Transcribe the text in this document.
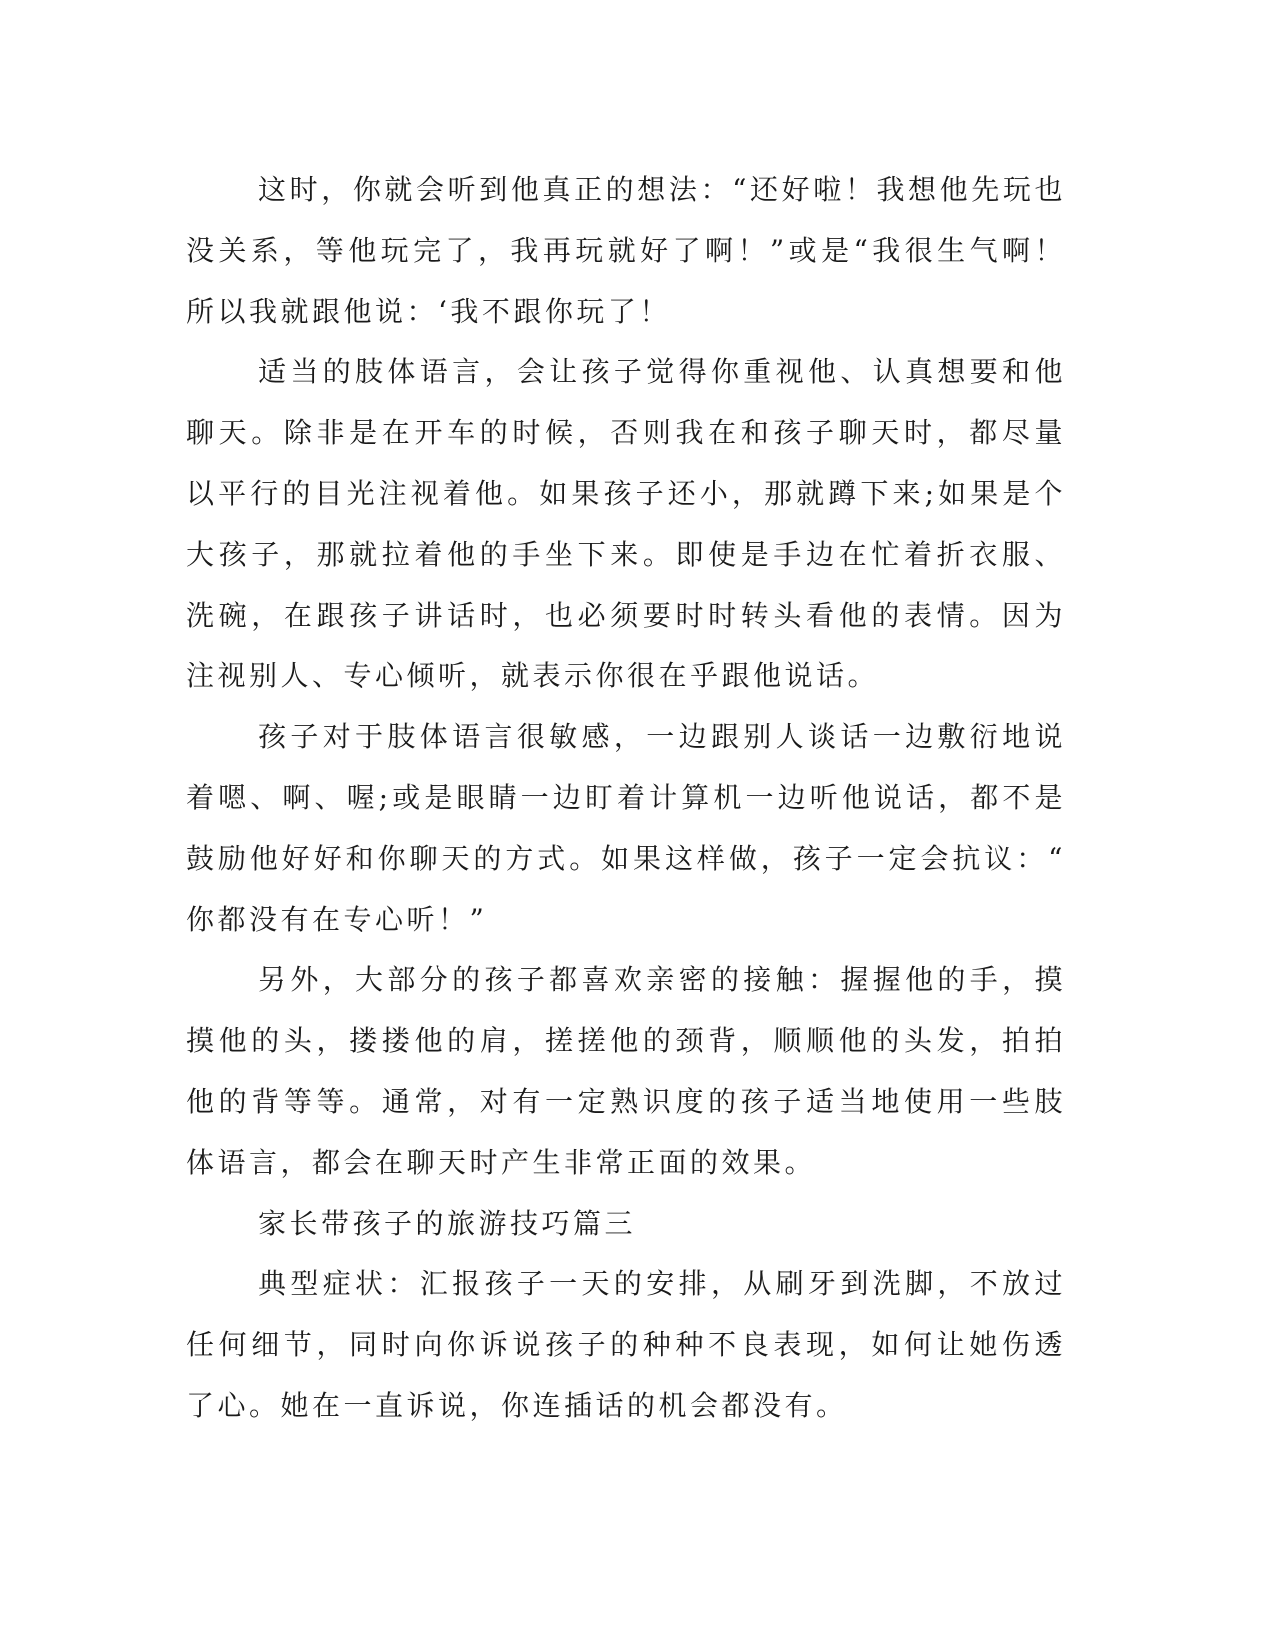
这时，你就会听到他真正的想法：“还好啦！我想他先玩也没关系，等他玩完了，我再玩就好了啊！”或是“我很生气啊！所以我就跟他说：‘我不跟你玩了！

适当的肢体语言，会让孩子觉得你重视他、认真想要和他聊天。除非是在开车的时候，否则我在和孩子聊天时，都尽量以平行的目光注视着他。如果孩子还小，那就蹲下来;如果是个大孩子，那就拉着他的手坐下来。即使是手边在忙着折衣服、洗碗，在跟孩子讲话时，也必须要时时转头看他的表情。因为注视别人、专心倾听，就表示你很在乎跟他说话。

孩子对于肢体语言很敏感，一边跟别人谈话一边敷衍地说着嗯、啊、喔;或是眼睛一边盯着计算机一边听他说话，都不是鼓励他好好和你聊天的方式。如果这样做，孩子一定会抗议：“你都没有在专心听！”

另外，大部分的孩子都喜欢亲密的接触：握握他的手，摸摸他的头，搂搂他的肩，搓搓他的颈背，顺顺他的头发，拍拍他的背等等。通常，对有一定熟识度的孩子适当地使用一些肢体语言，都会在聊天时产生非常正面的效果。

家长带孩子的旅游技巧篇三

典型症状：汇报孩子一天的安排，从刷牙到洗脚，不放过任何细节，同时向你诉说孩子的种种不良表现，如何让她伤透了心。她在一直诉说，你连插话的机会都没有。
